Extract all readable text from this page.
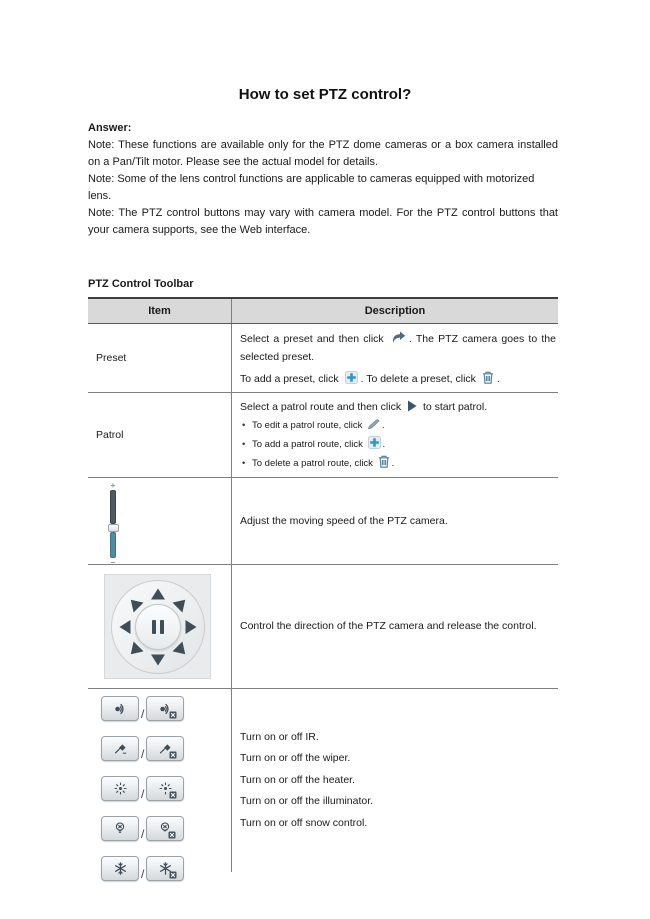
How to set PTZ control?

Answer:

Note: These functions are available only for the PTZ dome cameras or a box camera installed on a Pan/Tilt motor. Please see the actual model for details.

Note: Some of the lens control functions are applicable to cameras equipped with motorized lens.

Note: The PTZ control buttons may vary with camera model. For the PTZ control buttons that your camera supports, see the Web interface.

PTZ Control Toolbar

Item	Description
Preset

Select a preset and then click . The PTZ camera goes to the selected preset.

To add a preset, click . To delete a preset, click .

Patrol

Select a patrol route and then click to start patrol.

• To edit a patrol route, click .
• To add a patrol route, click .
• To delete a patrol route, click .
+
–
Adjust the moving speed of the PTZ camera.
Control the direction of the PTZ camera and release the control.
/
/
/
/
/

Turn on or off IR.

Turn on or off the wiper.

Turn on or off the heater.

Turn on or off the illuminator.

Turn on or off snow control.
